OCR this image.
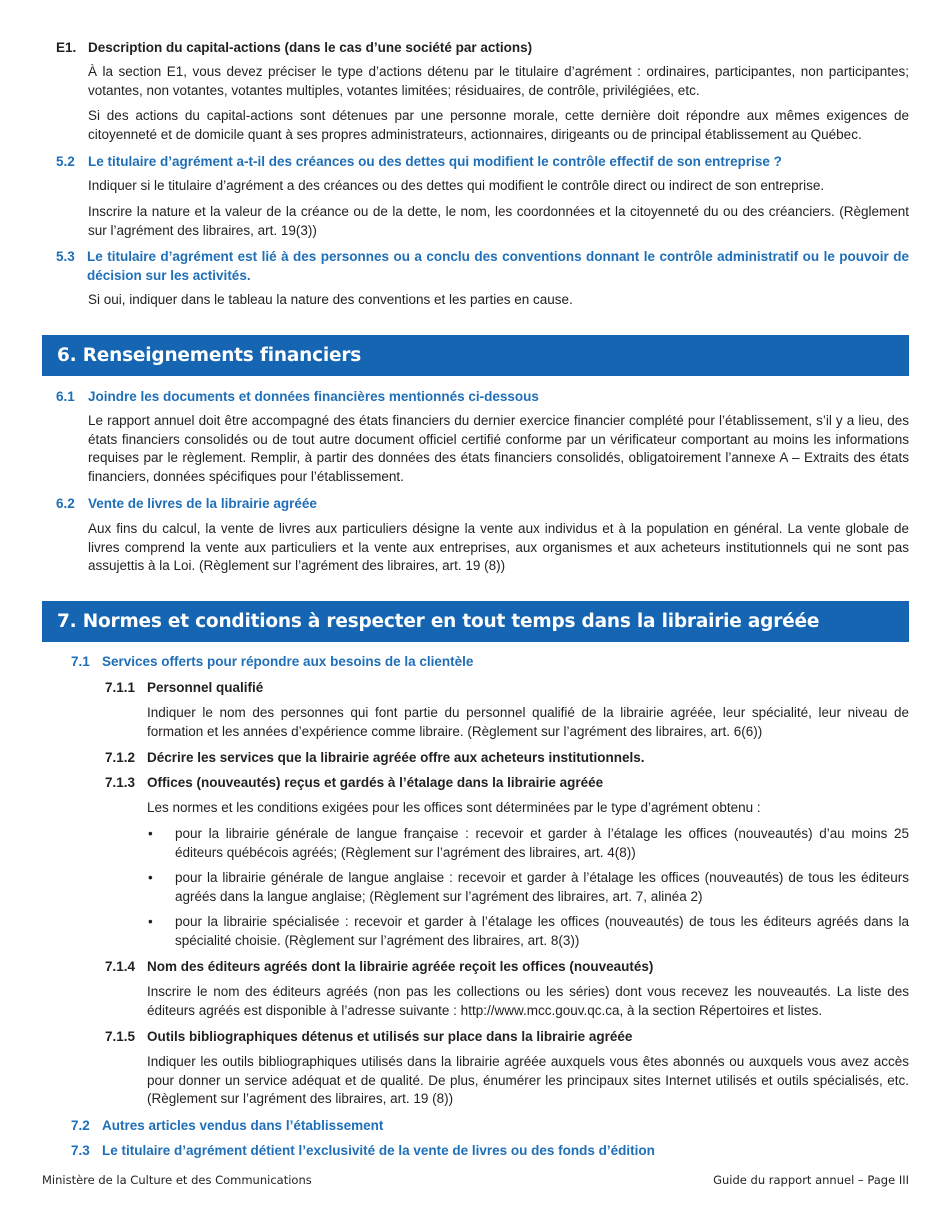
E1. Description du capital-actions (dans le cas d’une société par actions)
À la section E1, vous devez préciser le type d’actions détenu par le titulaire d’agrément : ordinaires, participantes, non participantes; votantes, non votantes, votantes multiples, votantes limitées; résiduaires, de contrôle, privilégiées, etc.
Si des actions du capital-actions sont détenues par une personne morale, cette dernière doit répondre aux mêmes exigences de citoyenneté et de domicile quant à ses propres administrateurs, actionnaires, dirigeants ou de principal établissement au Québec.
5.2 Le titulaire d’agrément a-t-il des créances ou des dettes qui modifient le contrôle effectif de son entreprise ?
Indiquer si le titulaire d’agrément a des créances ou des dettes qui modifient le contrôle direct ou indirect de son entreprise.
Inscrire la nature et la valeur de la créance ou de la dette, le nom, les coordonnées et la citoyenneté du ou des créanciers. (Règlement sur l’agrément des libraires, art. 19(3))
5.3 Le titulaire d’agrément est lié à des personnes ou a conclu des conventions donnant le contrôle administratif ou le pouvoir de décision sur les activités.
Si oui, indiquer dans le tableau la nature des conventions et les parties en cause.
6. Renseignements financiers
6.1 Joindre les documents et données financières mentionnés ci-dessous
Le rapport annuel doit être accompagné des états financiers du dernier exercice financier complété pour l’établissement, s’il y a lieu, des états financiers consolidés ou de tout autre document officiel certifié conforme par un vérificateur comportant au moins les informations requises par le règlement. Remplir, à partir des données des états financiers consolidés, obligatoirement l’annexe A – Extraits des états financiers, données spécifiques pour l’établissement.
6.2 Vente de livres de la librairie agréée
Aux fins du calcul, la vente de livres aux particuliers désigne la vente aux individus et à la population en général. La vente globale de livres comprend la vente aux particuliers et la vente aux entreprises, aux organismes et aux acheteurs institutionnels qui ne sont pas assujettis à la Loi. (Règlement sur l’agrément des libraires, art. 19 (8))
7. Normes et conditions à respecter en tout temps dans la librairie agréée
7.1 Services offerts pour répondre aux besoins de la clientèle
7.1.1 Personnel qualifié
Indiquer le nom des personnes qui font partie du personnel qualifié de la librairie agréée, leur spécialité, leur niveau de formation et les années d’expérience comme libraire. (Règlement sur l’agrément des libraires, art. 6(6))
7.1.2 Décrire les services que la librairie agréée offre aux acheteurs institutionnels.
7.1.3 Offices (nouveautés) reçus et gardés à l’étalage dans la librairie agréée
Les normes et les conditions exigées pour les offices sont déterminées par le type d’agrément obtenu :
• pour la librairie générale de langue française : recevoir et garder à l’étalage les offices (nouveautés) d’au moins 25 éditeurs québécois agréés; (Règlement sur l’agrément des libraires, art. 4(8))
• pour la librairie générale de langue anglaise : recevoir et garder à l’étalage les offices (nouveautés) de tous les éditeurs agréés dans la langue anglaise; (Règlement sur l’agrément des libraires, art. 7, alinéa 2)
• pour la librairie spécialisée : recevoir et garder à l’étalage les offices (nouveautés) de tous les éditeurs agréés dans la spécialité choisie. (Règlement sur l’agrément des libraires, art. 8(3))
7.1.4 Nom des éditeurs agréés dont la librairie agréée reçoit les offices (nouveautés)
Inscrire le nom des éditeurs agréés (non pas les collections ou les séries) dont vous recevez les nouveautés. La liste des éditeurs agréés est disponible à l’adresse suivante : http://www.mcc.gouv.qc.ca, à la section Répertoires et listes.
7.1.5 Outils bibliographiques détenus et utilisés sur place dans la librairie agréée
Indiquer les outils bibliographiques utilisés dans la librairie agréée auxquels vous êtes abonnés ou auxquels vous avez accès pour donner un service adéquat et de qualité. De plus, énumérer les principaux sites Internet utilisés et outils spécialisés, etc. (Règlement sur l’agrément des libraires, art. 19 (8))
7.2 Autres articles vendus dans l’établissement
7.3 Le titulaire d’agrément détient l’exclusivité de la vente de livres ou des fonds d’édition
Ministère de la Culture et des Communications	Guide du rapport annuel – Page III
